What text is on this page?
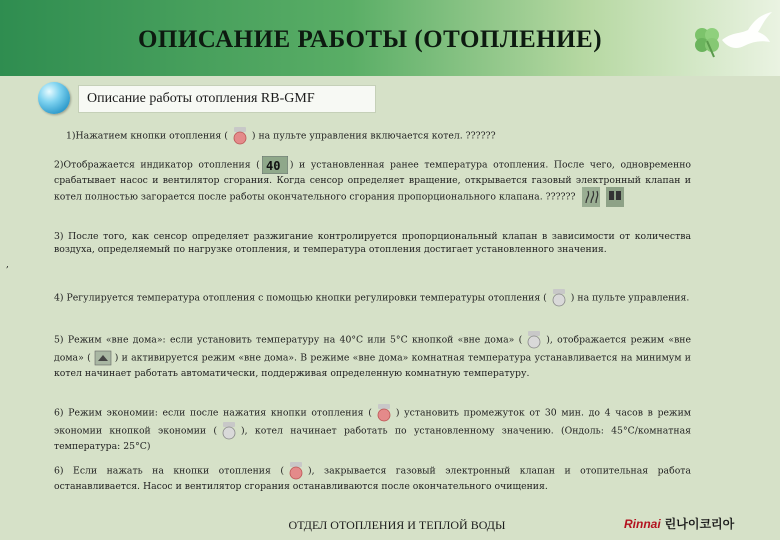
ОПИСАНИЕ РАБОТЫ (ОТОПЛЕНИЕ)
Описание работы отопления RB-GMF
1)Нажатием кнопки отопления (	) на пульте управления включается котел. ??????
2)Отображается индикатор отопления ( 40 ) и установленная ранее температура отопления. После чего, одновременно срабатывает насос и вентилятор сгорания. Когда сенсор определяет вращение, открывается газовый электронный клапан и котел полностью загорается после работы окончательного сгорания пропорционального клапана. ??????
,
3) После того, как сенсор определяет разжигание контролируется пропорциональный клапан в зависимости от количества воздуха, определяемый по нагрузке отопления, и температура отопления достигает установленного значения.
4) Регулируется температура отопления с помощью кнопки регулировки температуры отопления (	) на пульте управления.
5) Режим «вне дома»: если установить температуру на 40°C или 5°C кнопкой «вне дома» (	), отображается режим «вне дома» (	) и активируется режим «вне дома». В режиме «вне дома» комнатная температура устанавливается на минимум и котел начинает работать автоматически, поддерживая определенную комнатную температуру.
6) Режим экономии: если после нажатия кнопки отопления (	) установить промежуток от 30 мин. до 4 часов в режим экономии кнопкой экономии (	), котел начинает работать по установленному значению. (Ондоль: 45°C/комнатная температура: 25°C)
6) Если нажать на кнопки отопления (	), закрывается газовый электронный клапан и отопительная работа останавливается. Насос и вентилятор сгорания останавливаются после окончательного очищения.
ОТДЕЛ ОТОПЛЕНИЯ И ТЕПЛОЙ ВОДЫ	Rinnai 린나이코리아
